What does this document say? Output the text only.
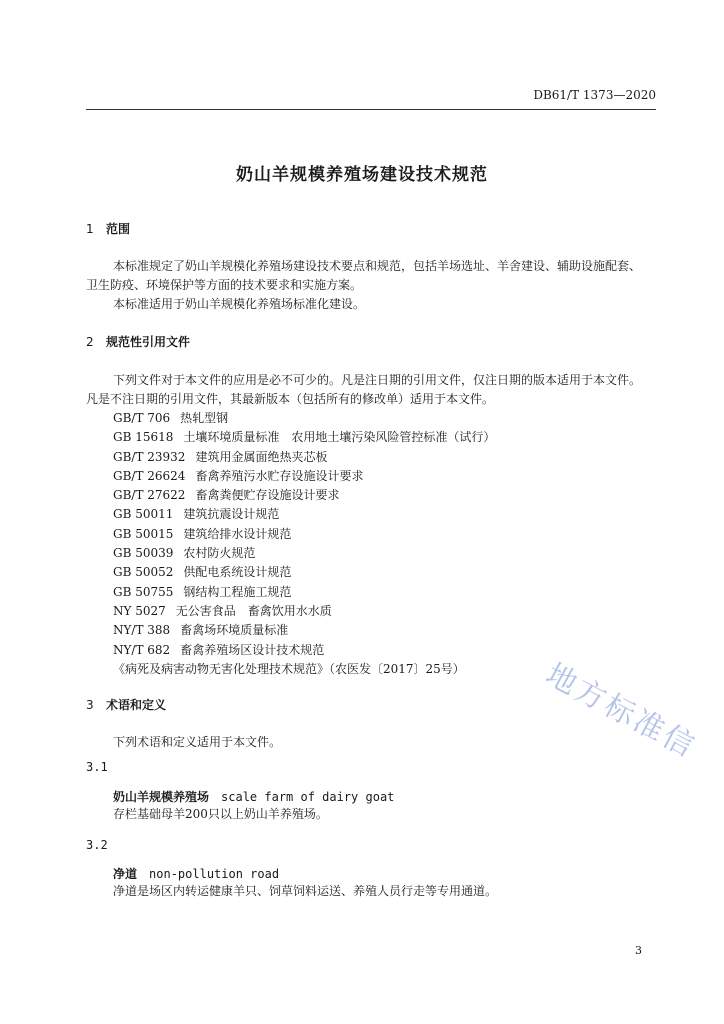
DB61/T 1373—2020
奶山羊规模养殖场建设技术规范
1 范围
本标准规定了奶山羊规模化养殖场建设技术要点和规范，包括羊场选址、羊舍建设、辅助设施配套、
卫生防疫、环境保护等方面的技术要求和实施方案。
本标准适用于奶山羊规模化养殖场标准化建设。
2 规范性引用文件
下列文件对于本文件的应用是必不可少的。凡是注日期的引用文件，仅注日期的版本适用于本文件。
凡是不注日期的引用文件，其最新版本（包括所有的修改单）适用于本文件。
GB/T 706 热轧型钢
GB 15618 土壤环境质量标准　农用地土壤污染风险管控标准（试行）
GB/T 23932 建筑用金属面绝热夹芯板
GB/T 26624 畜禽养殖污水贮存设施设计要求
GB/T 27622 畜禽粪便贮存设施设计要求
GB 50011 建筑抗震设计规范
GB 50015 建筑给排水设计规范
GB 50039 农村防火规范
GB 50052 供配电系统设计规范
GB 50755 钢结构工程施工规范
NY 5027 无公害食品　畜禽饮用水水质
NY/T 388 畜禽场环境质量标准
NY/T 682 畜禽养殖场区设计技术规范
《病死及病害动物无害化处理技术规范》（农医发〔2017〕25号）
3 术语和定义
下列术语和定义适用于本文件。
3.1
奶山羊规模养殖场 scale farm of dairy goat
存栏基础母羊200只以上奶山羊养殖场。
3.2
净道 non-pollution road
净道是场区内转运健康羊只、饲草饲料运送、养殖人员行走等专用通道。
地方标准信
3
